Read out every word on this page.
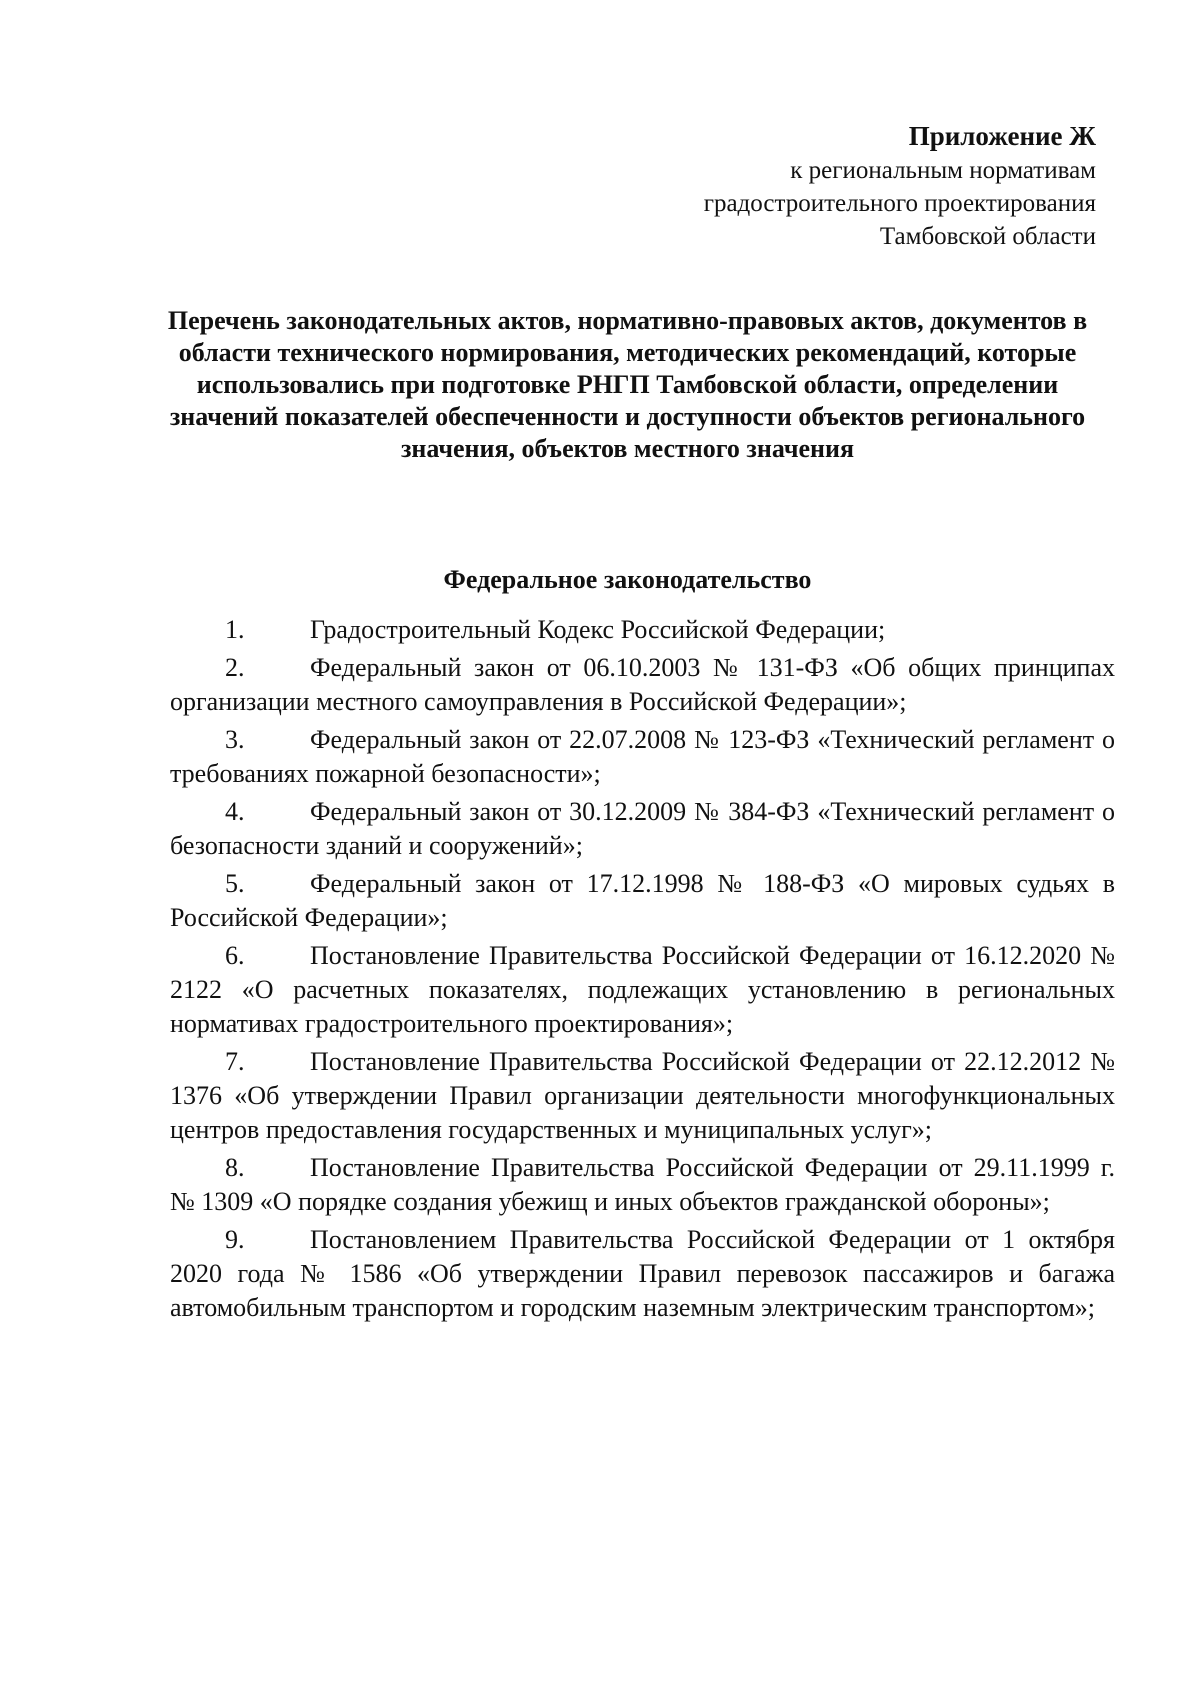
Приложение Ж
к региональным нормативам
градостроительного проектирования
Тамбовской области
Перечень законодательных актов, нормативно-правовых актов, документов в области технического нормирования, методических рекомендаций, которые использовались при подготовке РНГП Тамбовской области, определении значений показателей обеспеченности и доступности объектов регионального значения, объектов местного значения
Федеральное законодательство

1.	Градостроительный Кодекс Российской Федерации;

2.	Федеральный закон от 06.10.2003 № 131-ФЗ «Об общих принципах организации местного самоуправления в Российской Федерации»;

3.	Федеральный закон от 22.07.2008 № 123-ФЗ «Технический регламент о требованиях пожарной безопасности»;

4.	Федеральный закон от 30.12.2009 № 384-ФЗ «Технический регламент о безопасности зданий и сооружений»;

5.	Федеральный закон от 17.12.1998 № 188-ФЗ «О мировых судьях в Российской Федерации»;

6.	Постановление Правительства Российской Федерации от 16.12.2020 № 2122 «О расчетных показателях, подлежащих установлению в региональных нормативах градостроительного проектирования»;

7.	Постановление Правительства Российской Федерации от 22.12.2012 № 1376 «Об утверждении Правил организации деятельности многофункциональных центров предоставления государственных и муниципальных услуг»;

8.	Постановление Правительства Российской Федерации от 29.11.1999 г. № 1309 «О порядке создания убежищ и иных объектов гражданской обороны»;

9.	Постановлением Правительства Российской Федерации от 1 октября 2020 года № 1586 «Об утверждении Правил перевозок пассажиров и багажа автомобильным транспортом и городским наземным электрическим транспортом»;
